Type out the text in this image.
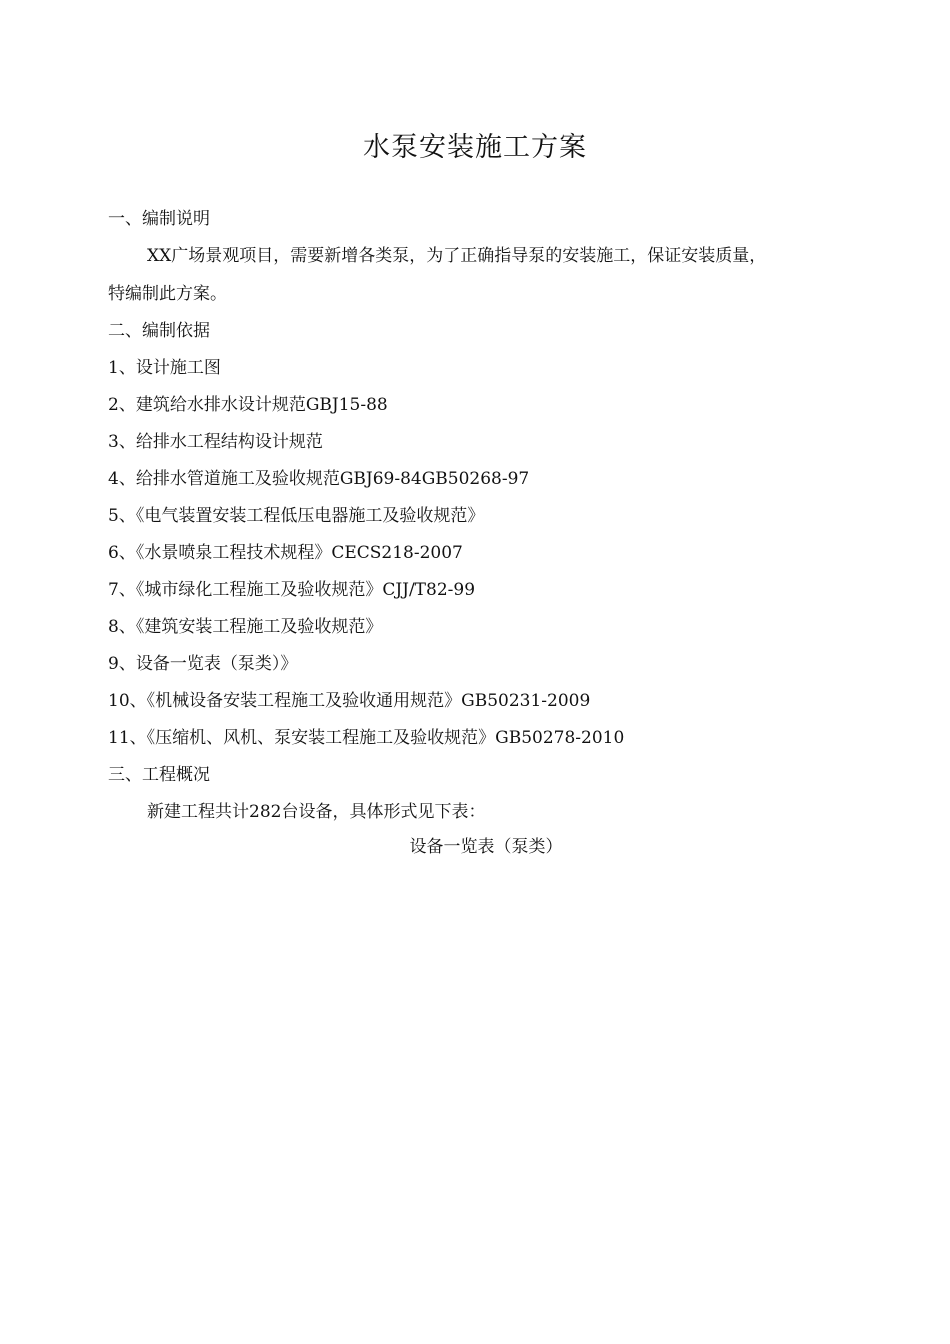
水泵安装施工方案
一、编制说明
XX广场景观项目，需要新增各类泵，为了正确指导泵的安装施工，保证安装质量，
特编制此方案。
二、编制依据
1、设计施工图
2、建筑给水排水设计规范GBJ15-88
3、给排水工程结构设计规范
4、给排水管道施工及验收规范GBJ69-84GB50268-97
5、《电气装置安装工程低压电器施工及验收规范》
6、《水景喷泉工程技术规程》CECS218-2007
7、《城市绿化工程施工及验收规范》CJJ/T82-99
8、《建筑安装工程施工及验收规范》
9、设备一览表（泵类）》
10、《机械设备安装工程施工及验收通用规范》GB50231-2009
11、《压缩机、风机、泵安装工程施工及验收规范》GB50278-2010
三、工程概况
新建工程共计282台设备，具体形式见下表：
设备一览表（泵类）
